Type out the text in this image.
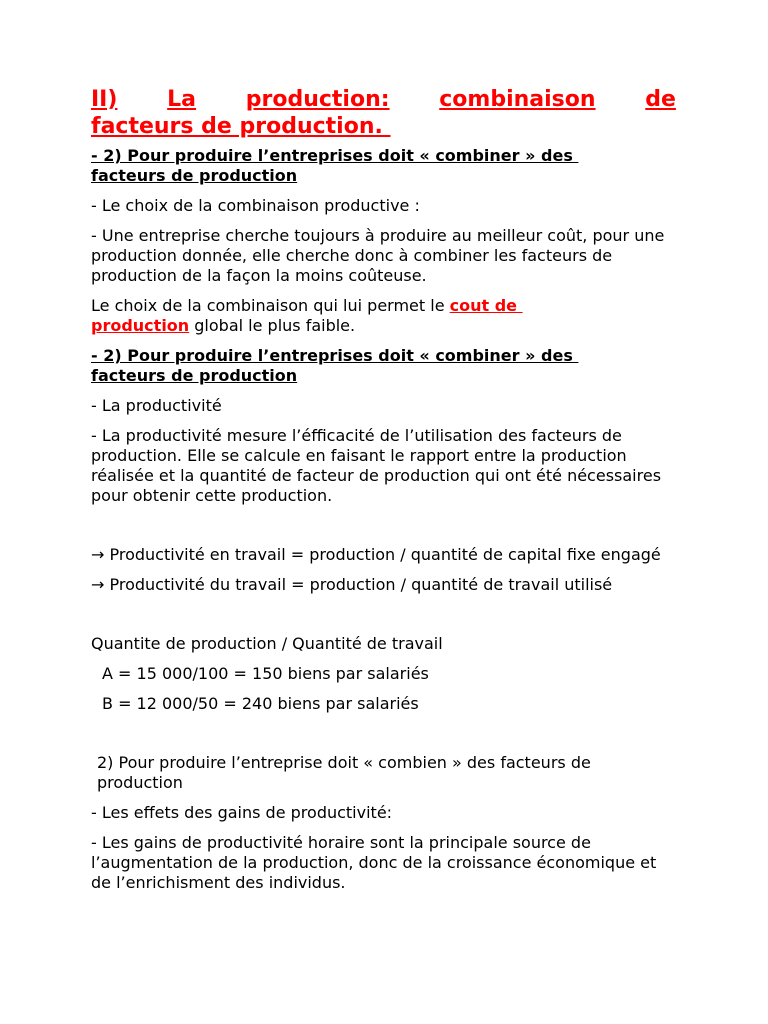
II) La production: combinaison de
facteurs de production.

- 2) Pour produire l’entreprises doit « combiner » des
facteurs de production

- Le choix de la combinaison productive :

- Une entreprise cherche toujours à produire au meilleur coût, pour une production donnée, elle cherche donc à combiner les facteurs de production de la façon la moins coûteuse.

Le choix de la combinaison qui lui permet le cout de
production global le plus faible.

- 2) Pour produire l’entreprises doit « combiner » des
facteurs de production

- La productivité

- La productivité mesure l’éfficacité de l’utilisation des facteurs de production. Elle se calcule en faisant le rapport entre la production réalisée et la quantité de facteur de production qui ont été nécessaires pour obtenir cette production.

→ Productivité en travail = production / quantité de capital fixe engagé

→ Productivité du travail = production / quantité de travail utilisé

Quantite de production / Quantité de travail

A = 15 000/100 = 150 biens par salariés

B = 12 000/50 = 240 biens par salariés

2) Pour produire l’entreprise doit « combien » des facteurs de production

- Les effets des gains de productivité:

- Les gains de productivité horaire sont la principale source de l’augmentation de la production, donc de la croissance économique et de l’enrichisment des individus.
